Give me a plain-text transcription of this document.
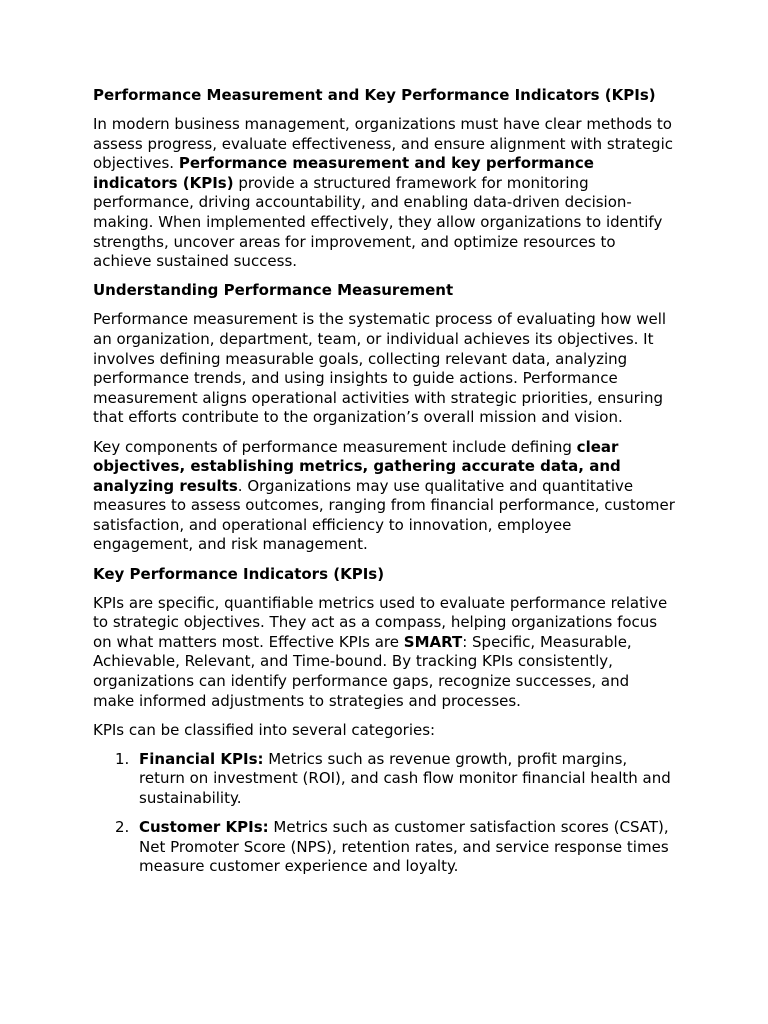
Performance Measurement and Key Performance Indicators (KPIs)

In modern business management, organizations must have clear methods to assess progress, evaluate effectiveness, and ensure alignment with strategic objectives. Performance measurement and key performance indicators (KPIs) provide a structured framework for monitoring performance, driving accountability, and enabling data-driven decision-making. When implemented effectively, they allow organizations to identify strengths, uncover areas for improvement, and optimize resources to achieve sustained success.

Understanding Performance Measurement

Performance measurement is the systematic process of evaluating how well an organization, department, team, or individual achieves its objectives. It involves defining measurable goals, collecting relevant data, analyzing performance trends, and using insights to guide actions. Performance measurement aligns operational activities with strategic priorities, ensuring that efforts contribute to the organization’s overall mission and vision.

Key components of performance measurement include defining clear objectives, establishing metrics, gathering accurate data, and analyzing results. Organizations may use qualitative and quantitative measures to assess outcomes, ranging from financial performance, customer satisfaction, and operational efficiency to innovation, employee engagement, and risk management.

Key Performance Indicators (KPIs)

KPIs are specific, quantifiable metrics used to evaluate performance relative to strategic objectives. They act as a compass, helping organizations focus on what matters most. Effective KPIs are SMART: Specific, Measurable, Achievable, Relevant, and Time-bound. By tracking KPIs consistently, organizations can identify performance gaps, recognize successes, and make informed adjustments to strategies and processes.

KPIs can be classified into several categories:

1. Financial KPIs: Metrics such as revenue growth, profit margins, return on investment (ROI), and cash flow monitor financial health and sustainability.
2. Customer KPIs: Metrics such as customer satisfaction scores (CSAT), Net Promoter Score (NPS), retention rates, and service response times measure customer experience and loyalty.
